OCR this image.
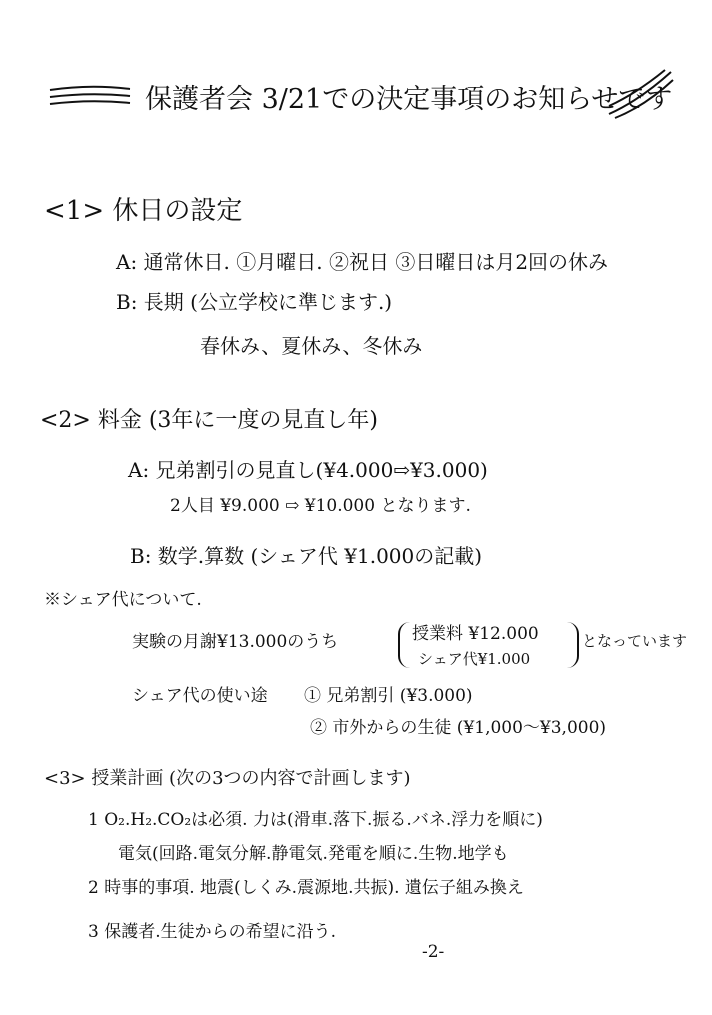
保護者会 3/21での決定事項のお知らせです
<1> 休日の設定
A: 通常休日. ①月曜日. ②祝日 ③日曜日は月2回の休み
B: 長期 (公立学校に準じます.)
春休み、夏休み、冬休み
<2> 料金 (3年に一度の見直し年)
A: 兄弟割引の見直し(¥4.000⇨¥3.000)
2人目 ¥9.000 ⇨ ¥10.000 となります.
B: 数学.算数 (シェア代 ¥1.000の記載)
※シェア代について.
実験の月謝¥13.000のうち	授業料 ¥12.000
シェア代¥1.000
となっています
シェア代の使い途 ① 兄弟割引 (¥3.000)
② 市外からの生徒 (¥1,000〜¥3,000)
<3> 授業計画 (次の3つの内容で計画します)
1 O₂.H₂.CO₂は必須. 力は(滑車.落下.振る.バネ.浮力を順に)
電気(回路.電気分解.静電気.発電を順に.生物.地学も
2 時事的事項. 地震(しくみ.震源地.共振). 遺伝子組み換え
3 保護者.生徒からの希望に沿う.
-2-
